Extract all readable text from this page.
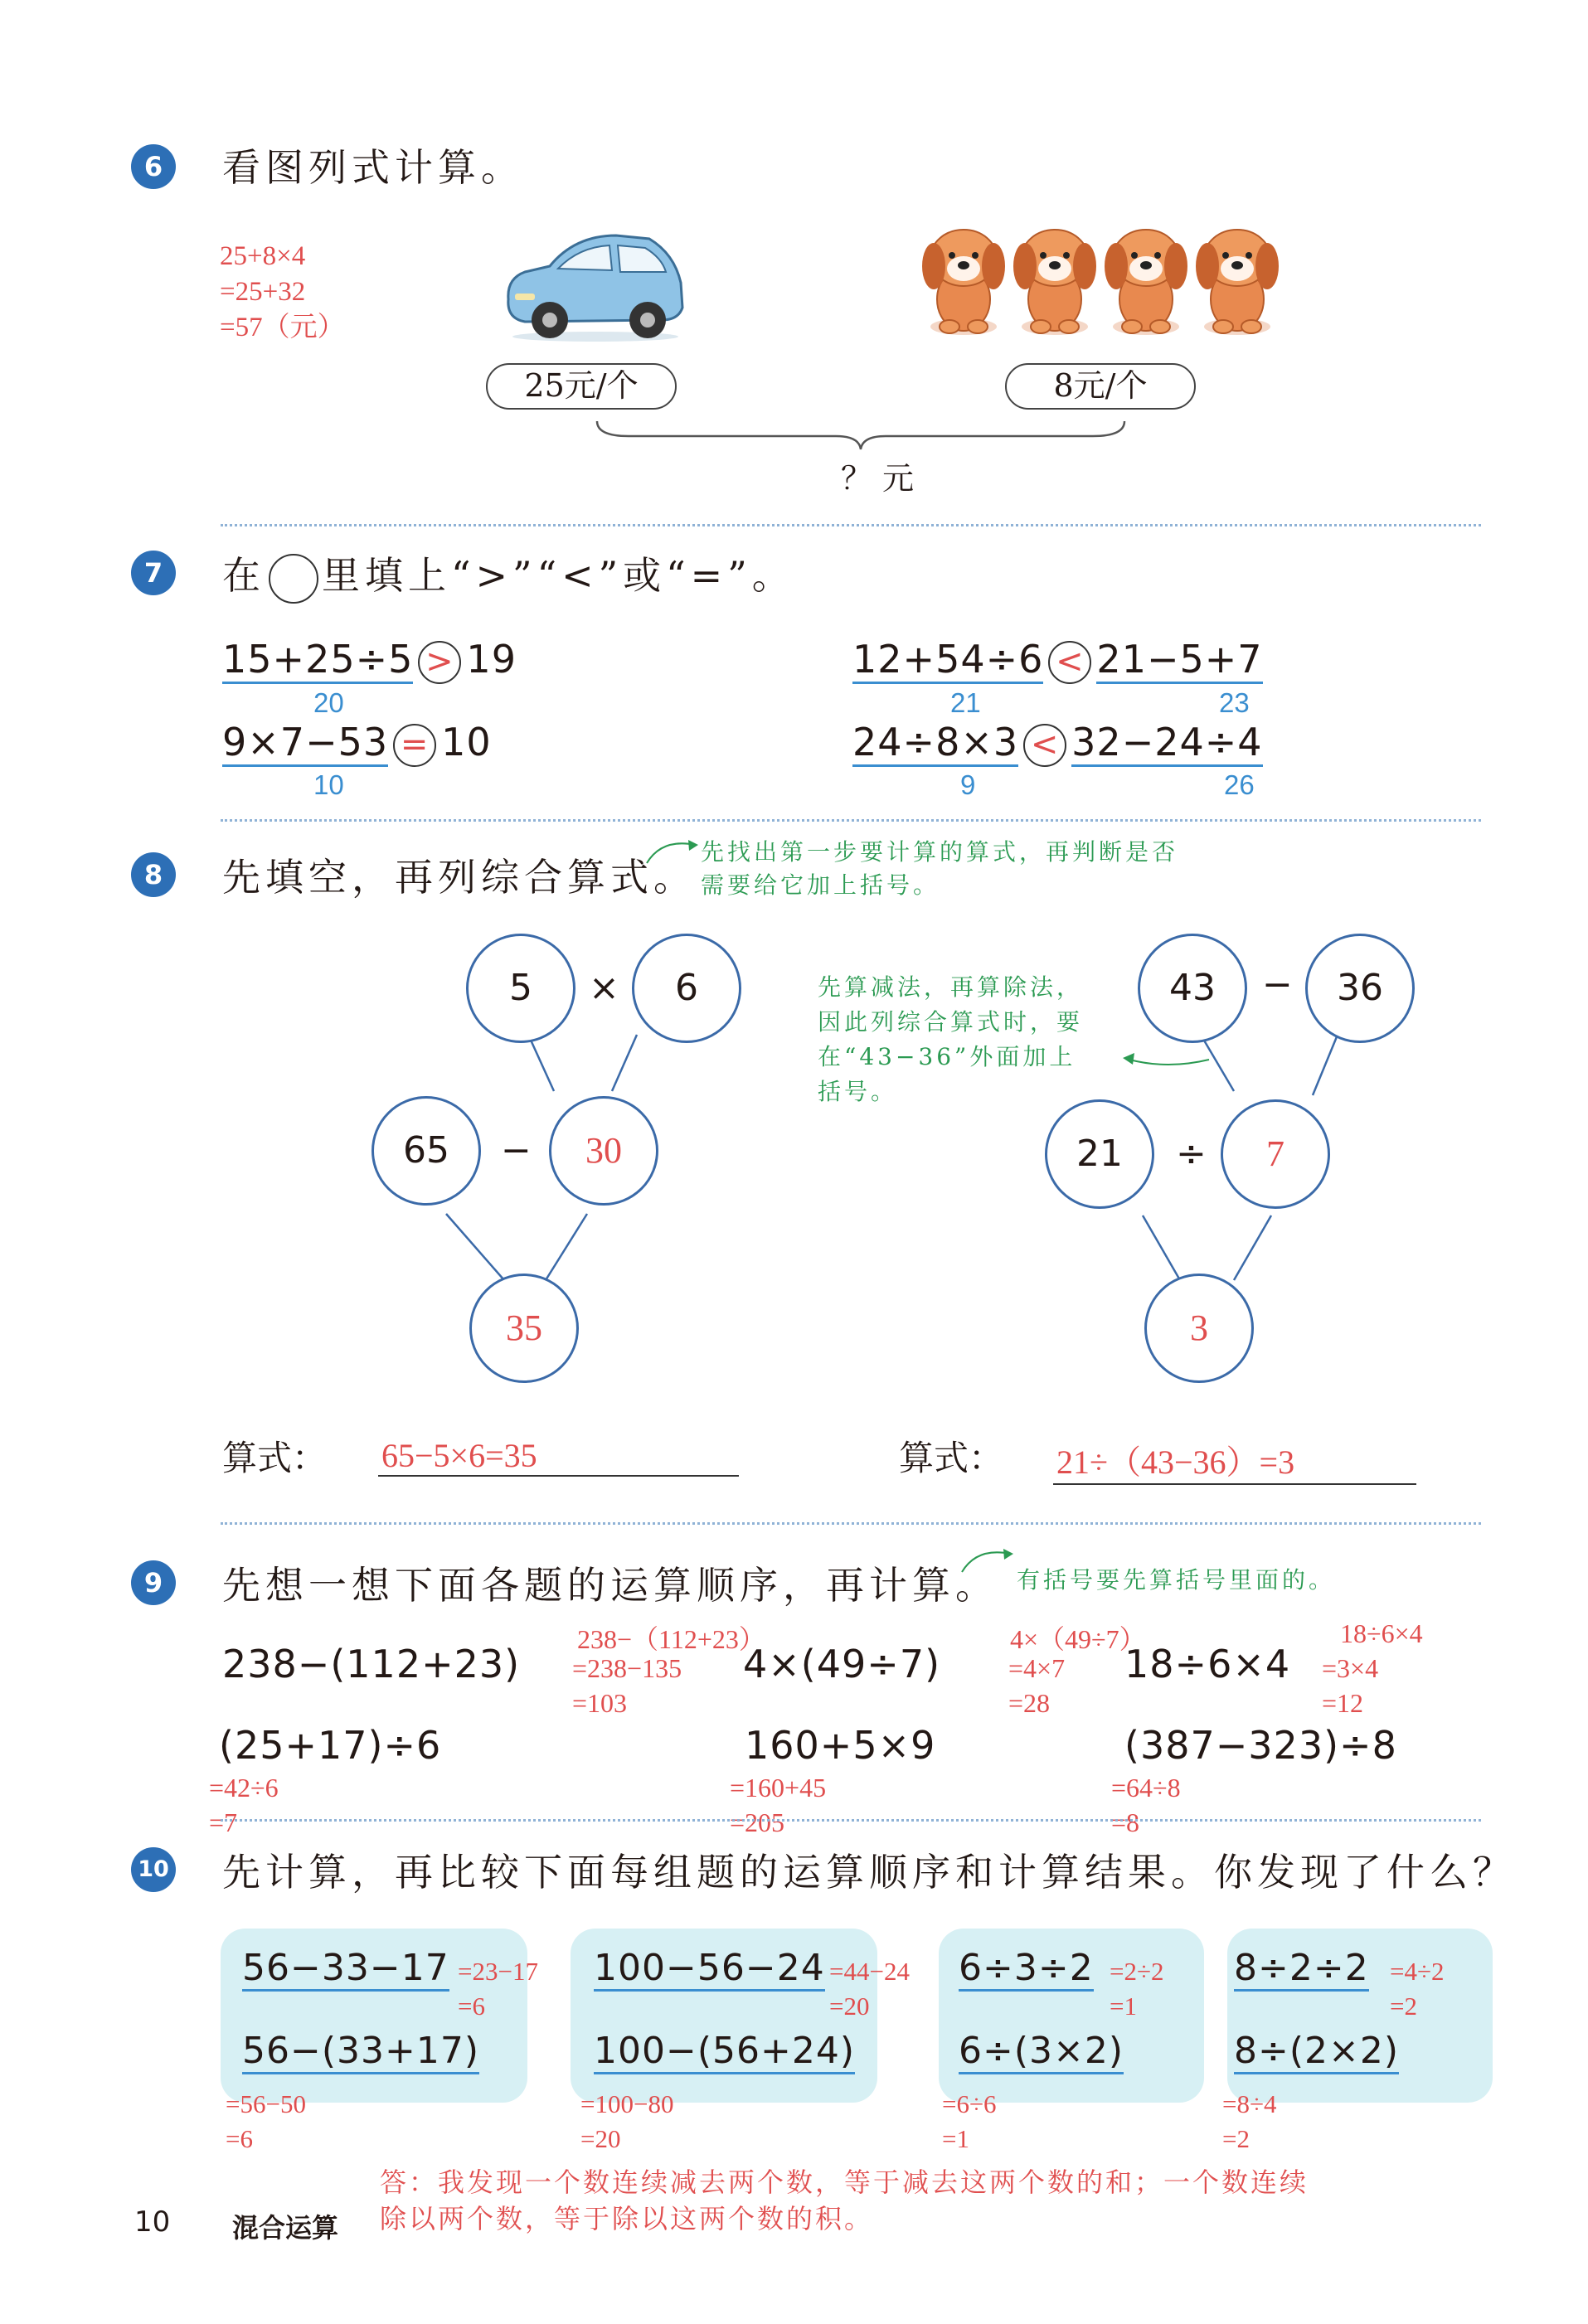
6	看图列式计算。
25+8×4
=25+32
=57（元）
25元/个	8元/个
？元
7	在 里填上“>”“<”或“=”。
15+25÷5 > 19
20
12+54÷6 < 21−5+7
21	23
9×7−53 = 10
10
24÷8×3 < 32−24÷4
9	26
8	先填空，再列综合算式。
先找出第一步要计算的算式，再判断是否
需要给它加上括号。
5	×	6
65	−	30
35
43	−	36
21	÷	7
3
先算减法，再算除法，
因此列综合算式时，要
在“43−36”外面加上
括号。
算式： 65−5×6=35	算式： 21÷（43−36）=3
9	先想一想下面各题的运算顺序，再计算。 有括号要先算括号里面的。
238−（112+23）
238−(112+23) =238−135
=103
4×（49÷7）
4×(49÷7)	=4×7
=28
18÷6×4
18÷6×4 =3×4
=12
(25+17)÷6
=42÷6
=7
160+5×9
=160+45
=205
(387−323)÷8
=64÷8
=8
10 先计算，再比较下面每组题的运算顺序和计算结果。你发现了什么？
56−33−17 =23−17
=6
56−(33+17)
=56−50
=6
100−56−24 =44−24
=20
100−(56+24)
=100−80
=20
6÷3÷2 =2÷2
=1
6÷(3×2)
=6÷6
=1
8÷2÷2 =4÷2
=2
8÷(2×2)
=8÷4
=2
答：我发现一个数连续减去两个数，等于减去这两个数的和；一个数连续
除以两个数，等于除以这两个数的积。
10 混合运算
